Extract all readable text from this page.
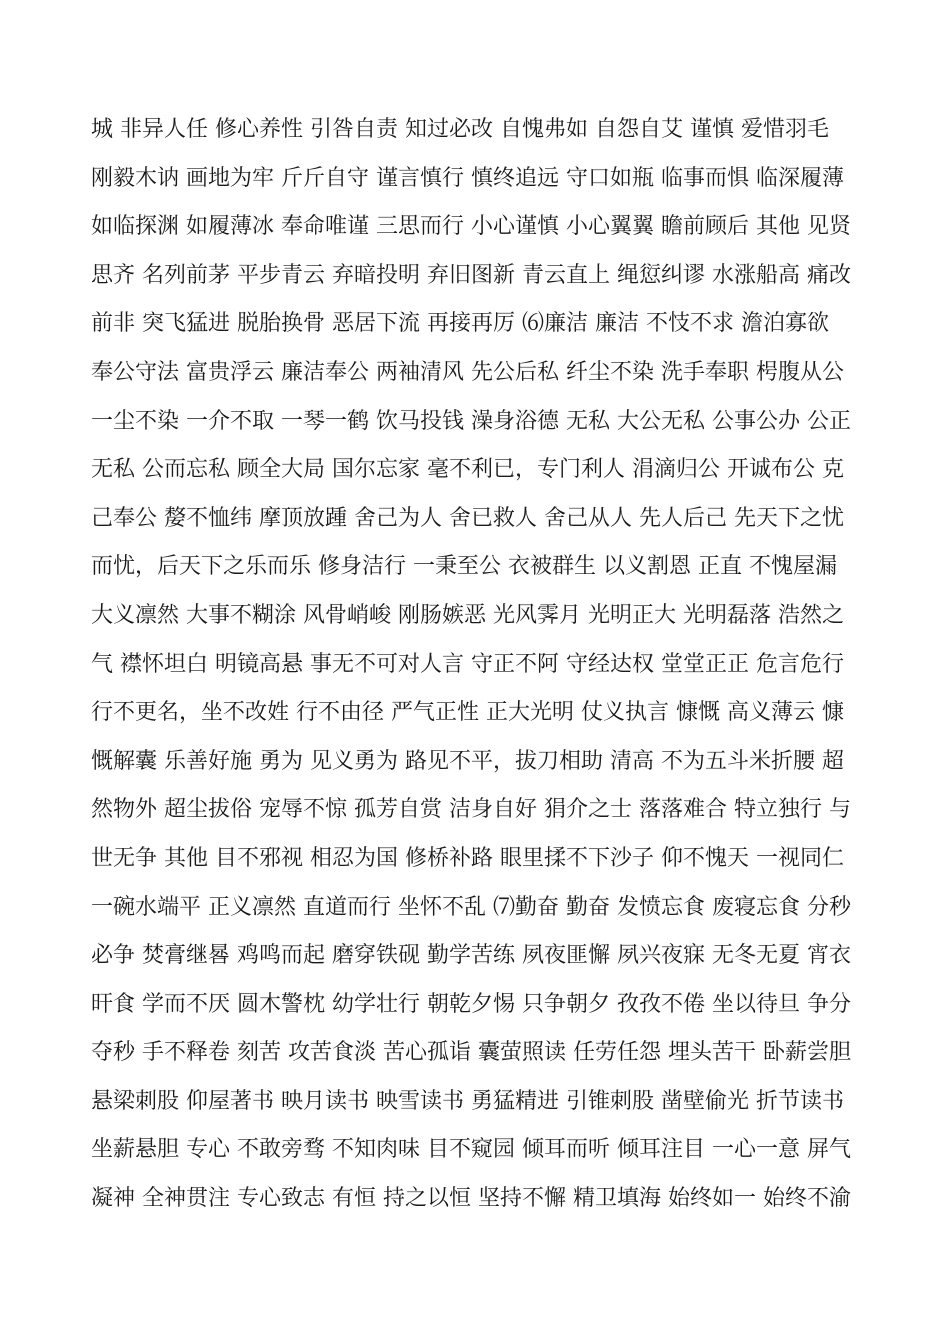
城 非异人任 修心养性 引咎自责 知过必改 自愧弗如 自怨自艾 谨慎 爱惜羽毛
刚毅木讷 画地为牢 斤斤自守 谨言慎行 慎终追远 守口如瓶 临事而惧 临深履薄
如临探渊 如履薄冰 奉命唯谨 三思而行 小心谨慎 小心翼翼 瞻前顾后 其他 见贤
思齐 名列前茅 平步青云 弃暗投明 弃旧图新 青云直上 绳愆纠谬 水涨船高 痛改
前非 突飞猛进 脱胎换骨 恶居下流 再接再厉 ⑹廉洁 廉洁 不忮不求 澹泊寡欲
奉公守法 富贵浮云 廉洁奉公 两袖清风 先公后私 纤尘不染 洗手奉职 枵腹从公
一尘不染 一介不取 一琴一鹤 饮马投钱 澡身浴德 无私 大公无私 公事公办 公正
无私 公而忘私 顾全大局 国尔忘家 毫不利已，专门利人 涓滴归公 开诚布公 克
己奉公 嫠不恤纬 摩顶放踵 舍己为人 舍已救人 舍己从人 先人后己 先天下之忧
而忧，后天下之乐而乐 修身洁行 一秉至公 衣被群生 以义割恩 正直 不愧屋漏
大义凛然 大事不糊涂 风骨峭峻 刚肠嫉恶 光风霁月 光明正大 光明磊落 浩然之
气 襟怀坦白 明镜高悬 事无不可对人言 守正不阿 守经达权 堂堂正正 危言危行
行不更名，坐不改姓 行不由径 严气正性 正大光明 仗义执言 慷慨 高义薄云 慷
慨解囊 乐善好施 勇为 见义勇为 路见不平，拔刀相助 清高 不为五斗米折腰 超
然物外 超尘拔俗 宠辱不惊 孤芳自赏 洁身自好 狷介之士 落落难合 特立独行 与
世无争 其他 目不邪视 相忍为国 修桥补路 眼里揉不下沙子 仰不愧天 一视同仁
一碗水端平 正义凛然 直道而行 坐怀不乱 ⑺勤奋 勤奋 发愤忘食 废寝忘食 分秒
必争 焚膏继晷 鸡鸣而起 磨穿铁砚 勤学苦练 夙夜匪懈 夙兴夜寐 无冬无夏 宵衣
旰食 学而不厌 圆木警枕 幼学壮行 朝乾夕惕 只争朝夕 孜孜不倦 坐以待旦 争分
夺秒 手不释卷 刻苦 攻苦食淡 苦心孤诣 囊萤照读 任劳任怨 埋头苦干 卧薪尝胆
悬梁刺股 仰屋著书 映月读书 映雪读书 勇猛精进 引锥刺股 凿壁偷光 折节读书
坐薪悬胆 专心 不敢旁骛 不知肉味 目不窥园 倾耳而听 倾耳注目 一心一意 屏气
凝神 全神贯注 专心致志 有恒 持之以恒 坚持不懈 精卫填海 始终如一 始终不渝
